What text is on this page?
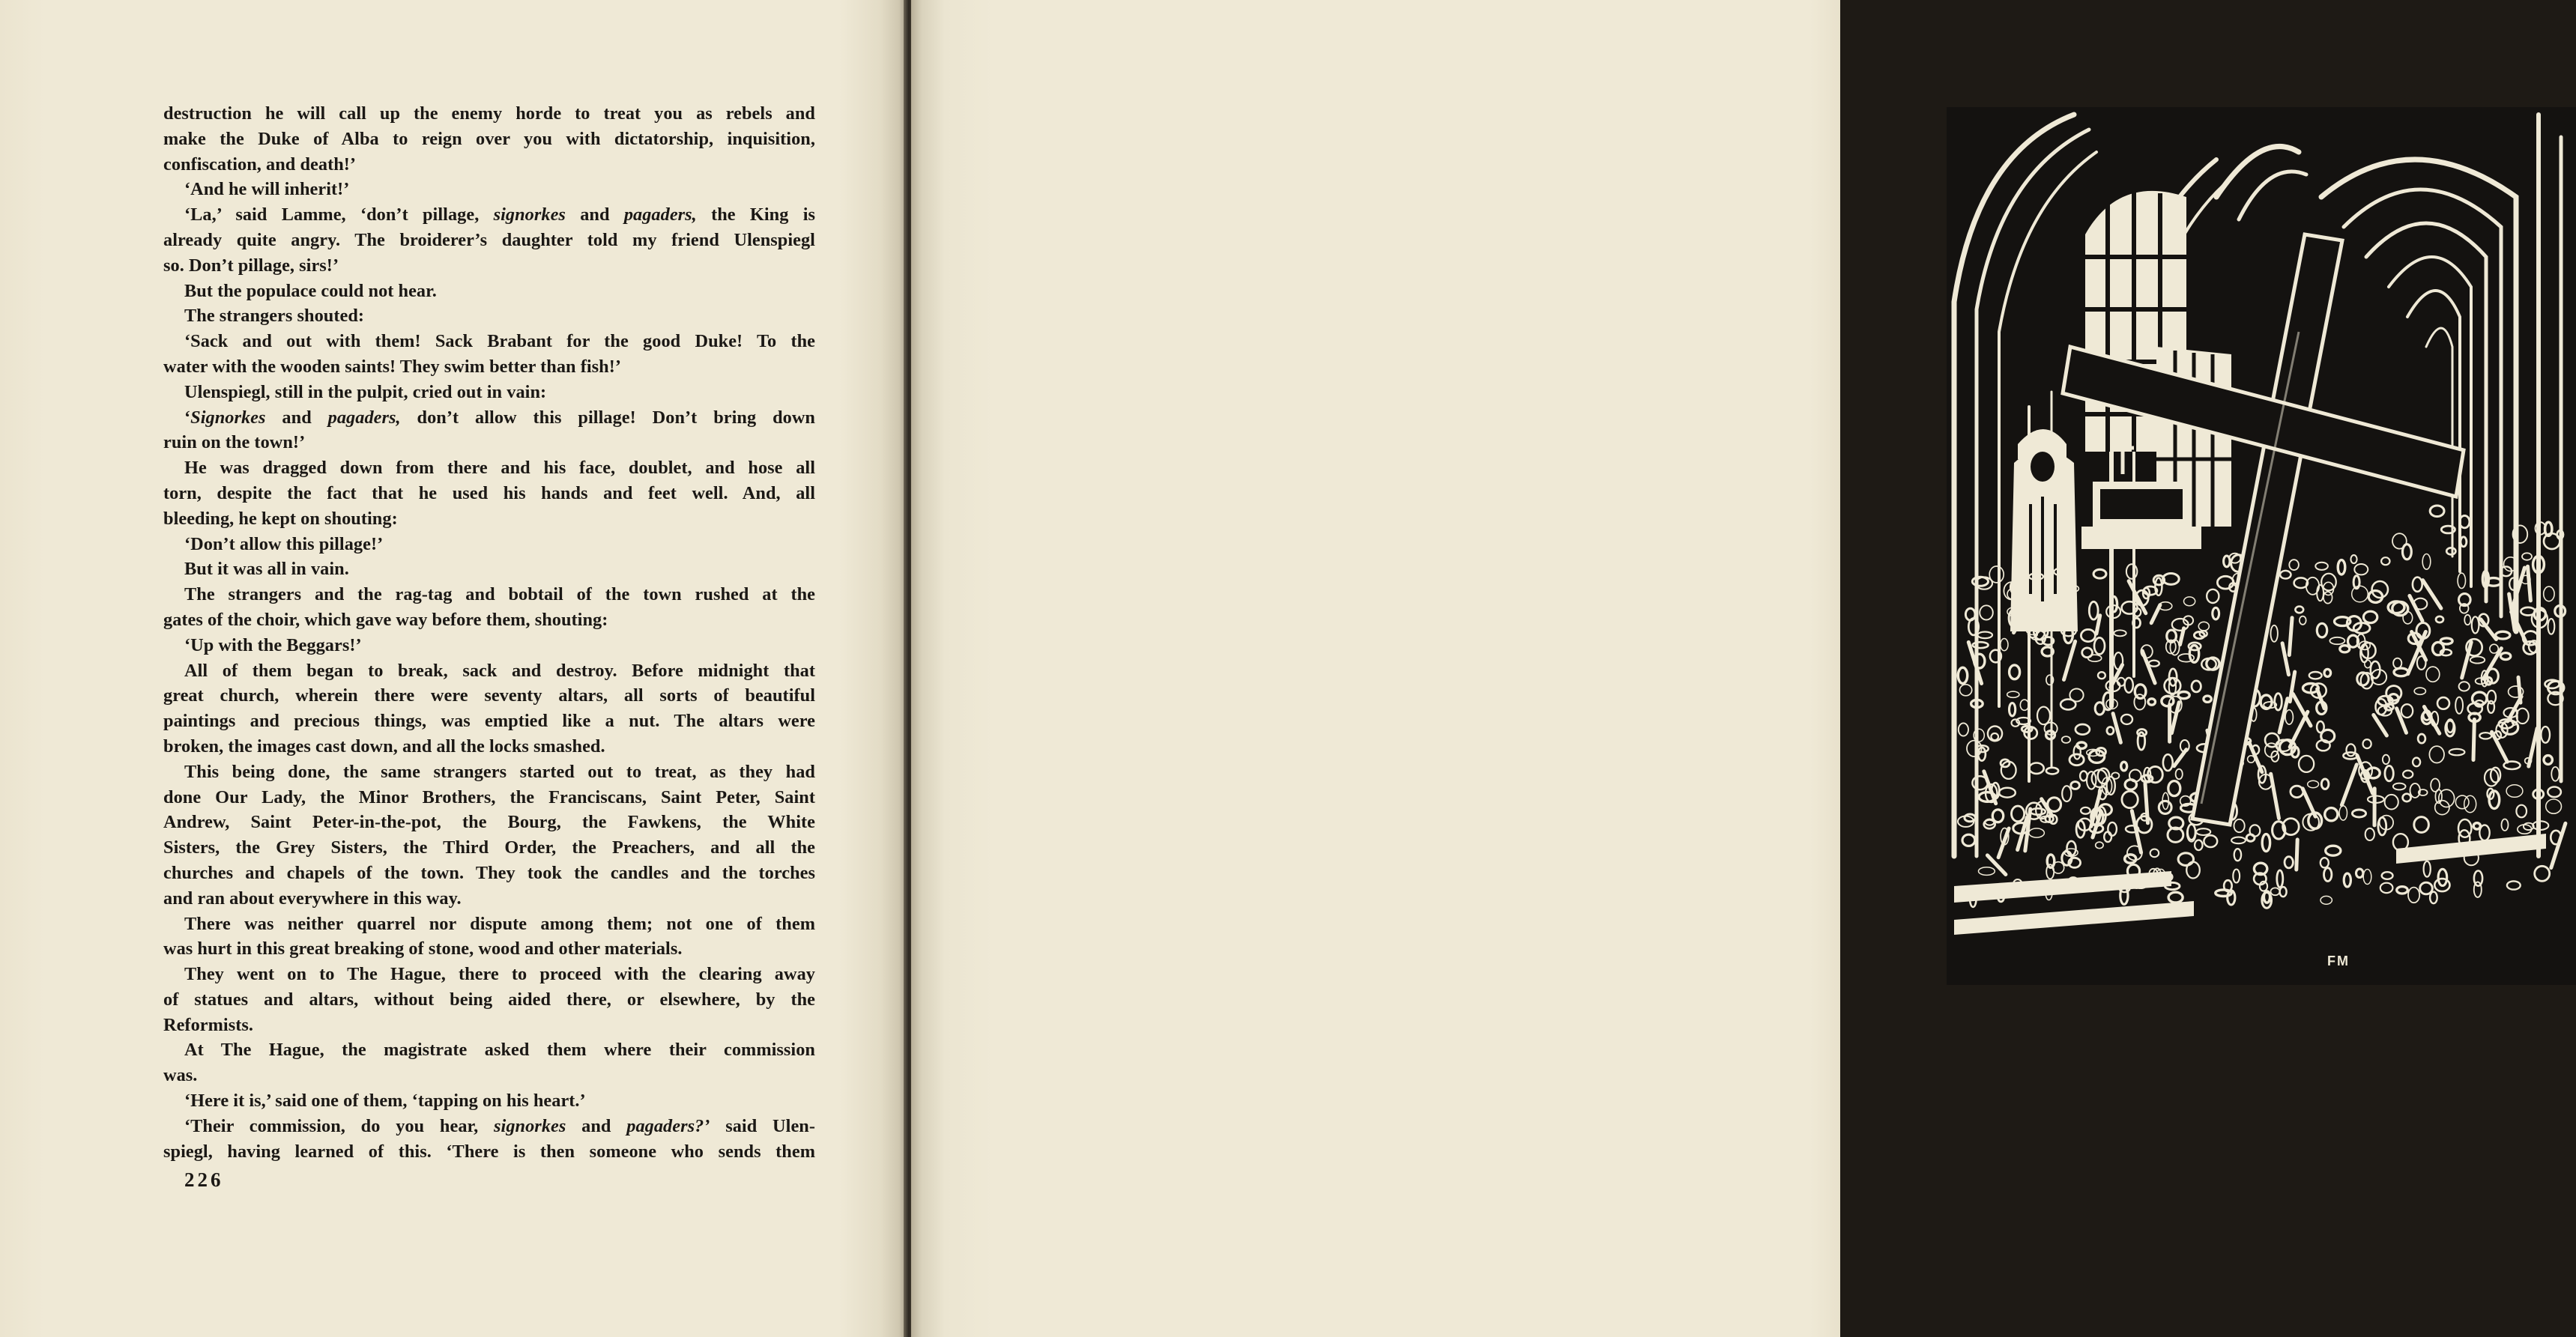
destruction he will call up the enemy horde to treat you as rebels and
make the Duke of Alba to reign over you with dictatorship, inquisition,
confiscation, and death!’
‘And he will inherit!’
‘La,’ said Lamme, ‘don’t pillage, signorkes and pagaders, the King is
already quite angry. The broiderer’s daughter told my friend Ulenspiegl
so. Don’t pillage, sirs!’
But the populace could not hear.
The strangers shouted:
‘Sack and out with them! Sack Brabant for the good Duke! To the
water with the wooden saints! They swim better than fish!’
Ulenspiegl, still in the pulpit, cried out in vain:
‘Signorkes and pagaders, don’t allow this pillage! Don’t bring down
ruin on the town!’
He was dragged down from there and his face, doublet, and hose all
torn, despite the fact that he used his hands and feet well. And, all
bleeding, he kept on shouting:
‘Don’t allow this pillage!’
But it was all in vain.
The strangers and the rag-tag and bobtail of the town rushed at the
gates of the choir, which gave way before them, shouting:
‘Up with the Beggars!’
All of them began to break, sack and destroy. Before midnight that
great church, wherein there were seventy altars, all sorts of beautiful
paintings and precious things, was emptied like a nut. The altars were
broken, the images cast down, and all the locks smashed.
This being done, the same strangers started out to treat, as they had
done Our Lady, the Minor Brothers, the Franciscans, Saint Peter, Saint
Andrew, Saint Peter-in-the-pot, the Bourg, the Fawkens, the White
Sisters, the Grey Sisters, the Third Order, the Preachers, and all the
churches and chapels of the town. They took the candles and the torches
and ran about everywhere in this way.
There was neither quarrel nor dispute among them; not one of them
was hurt in this great breaking of stone, wood and other materials.
They went on to The Hague, there to proceed with the clearing away
of statues and altars, without being aided there, or elsewhere, by the
Reformists.
At The Hague, the magistrate asked them where their commission
was.
‘Here it is,’ said one of them, ‘tapping on his heart.’
‘Their commission, do you hear, signorkes and pagaders?’ said Ulen-
spiegl, having learned of this. ‘There is then someone who sends them
226
FM
